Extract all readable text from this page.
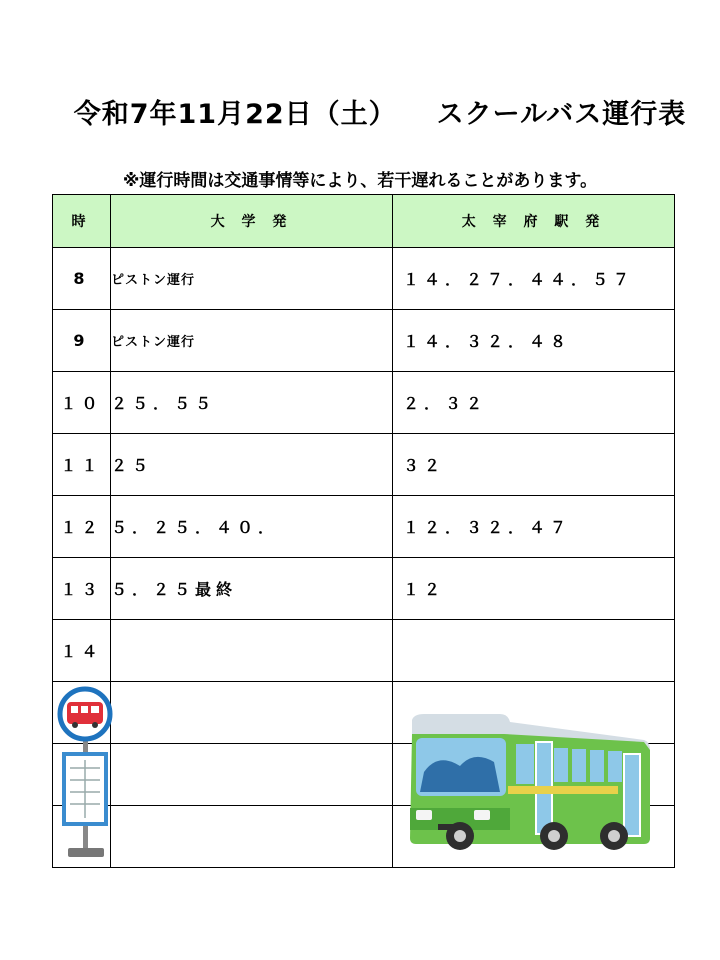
令和7年11月22日（土） スクールバス運行表
※運行時間は交通事情等により、若干遅れることがあります。
時	大 学 発	太 宰 府 駅 発
8	ピストン運行	１４．２７．４４．５７
9	ピストン運行	１４．３２．４８
１０	２５．５５	２．３２
１１	２５	３２
１２	５．２５．４０．	１２．３２．４７
１３	５．２５最終	１２
１４		
